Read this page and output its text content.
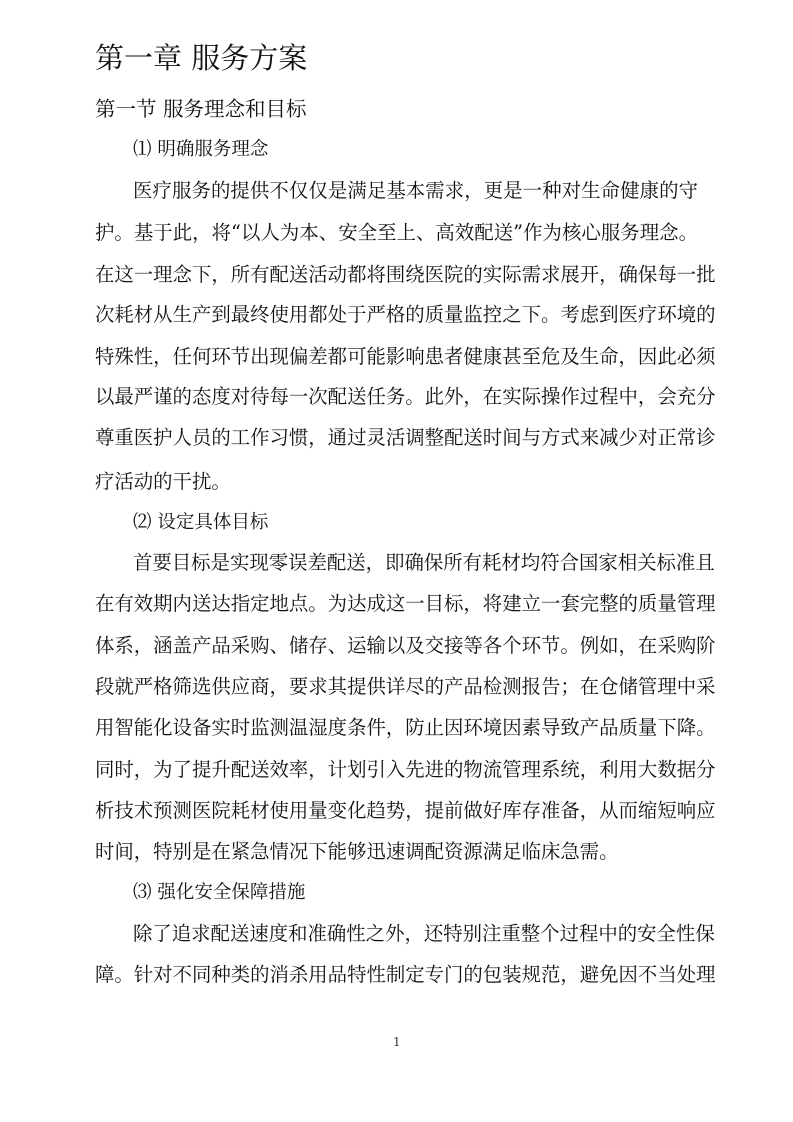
第一章 服务方案
第一节 服务理念和目标
⑴ 明确服务理念
医疗服务的提供不仅仅是满足基本需求，更是一种对生命健康的守
护。基于此，将“以人为本、安全至上、高效配送”作为核心服务理念。
在这一理念下，所有配送活动都将围绕医院的实际需求展开，确保每一批
次耗材从生产到最终使用都处于严格的质量监控之下。考虑到医疗环境的
特殊性，任何环节出现偏差都可能影响患者健康甚至危及生命，因此必须
以最严谨的态度对待每一次配送任务。此外，在实际操作过程中，会充分
尊重医护人员的工作习惯，通过灵活调整配送时间与方式来减少对正常诊
疗活动的干扰。
⑵ 设定具体目标
首要目标是实现零误差配送，即确保所有耗材均符合国家相关标准且
在有效期内送达指定地点。为达成这一目标，将建立一套完整的质量管理
体系，涵盖产品采购、储存、运输以及交接等各个环节。例如，在采购阶
段就严格筛选供应商，要求其提供详尽的产品检测报告；在仓储管理中采
用智能化设备实时监测温湿度条件，防止因环境因素导致产品质量下降。
同时，为了提升配送效率，计划引入先进的物流管理系统，利用大数据分
析技术预测医院耗材使用量变化趋势，提前做好库存准备，从而缩短响应
时间，特别是在紧急情况下能够迅速调配资源满足临床急需。
⑶ 强化安全保障措施
除了追求配送速度和准确性之外，还特别注重整个过程中的安全性保
障。针对不同种类的消杀用品特性制定专门的包装规范，避免因不当处理
1
